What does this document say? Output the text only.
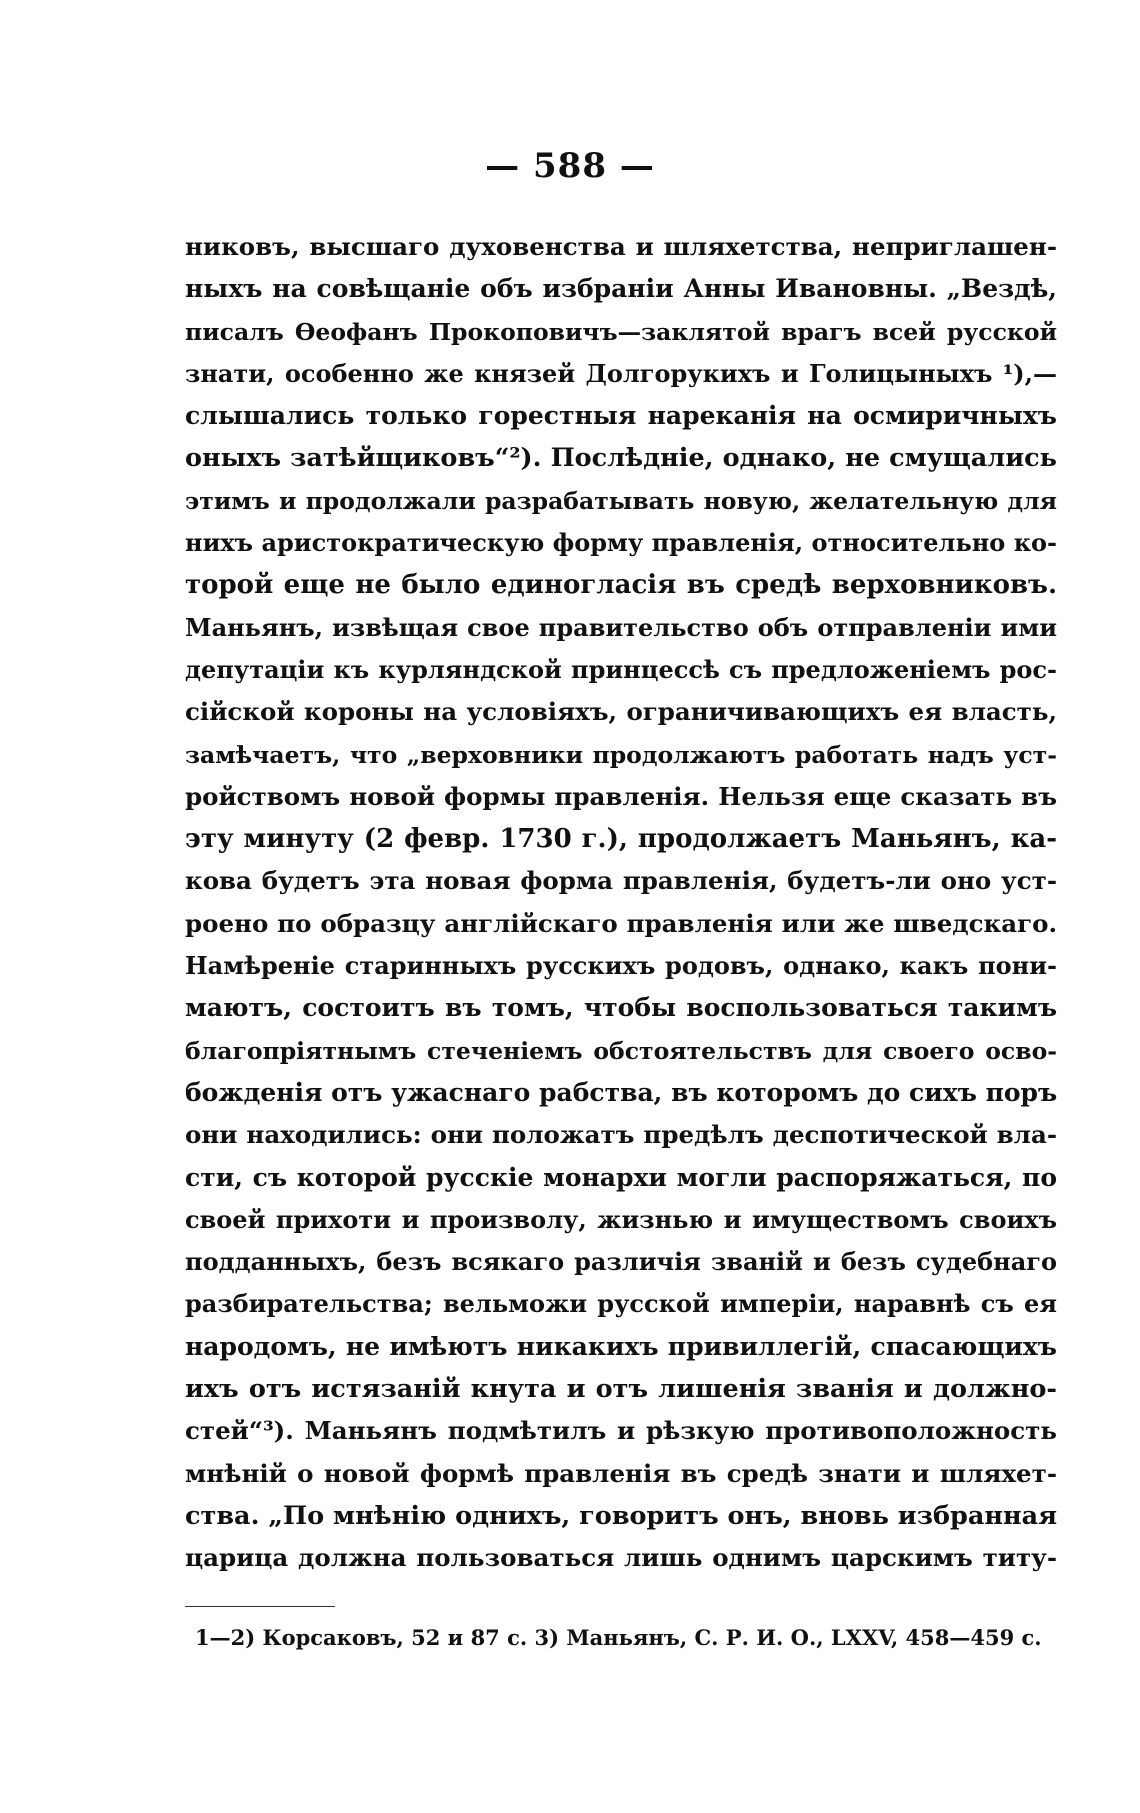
— 588 —
никовъ, высшаго духовенства и шляхетства, неприглашен-
ныхъ на совѣщаніе объ избраніи Анны Ивановны. „Вездѣ,
писалъ Ѳеофанъ Прокоповичъ—заклятой врагъ всей русской
знати, особенно же князей Долгорукихъ и Голицыныхъ ¹),—
слышались только горестныя нареканія на осмиричныхъ
оныхъ затѣйщиковъ“²). Послѣдніе, однако, не смущались
этимъ и продолжали разрабатывать новую, желательную для
нихъ аристократическую форму правленія, относительно ко-
торой еще не было единогласія въ средѣ верховниковъ.
Маньянъ, извѣщая свое правительство объ отправленіи ими
депутаціи къ курляндской принцессѣ съ предложеніемъ рос-
сійской короны на условіяхъ, ограничивающихъ ея власть,
замѣчаетъ, что „верховники продолжаютъ работать надъ уст-
ройствомъ новой формы правленія. Нельзя еще сказать въ
эту минуту (2 февр. 1730 г.), продолжаетъ Маньянъ, ка-
кова будетъ эта новая форма правленія, будетъ-ли оно уст-
роено по образцу англійскаго правленія или же шведскаго.
Намѣреніе старинныхъ русскихъ родовъ, однако, какъ пони-
маютъ, состоитъ въ томъ, чтобы воспользоваться такимъ
благопріятнымъ стеченіемъ обстоятельствъ для своего осво-
божденія отъ ужаснаго рабства, въ которомъ до сихъ поръ
они находились: они положатъ предѣлъ деспотической вла-
сти, съ которой русскіе монархи могли распоряжаться, по
своей прихоти и произволу, жизнью и имуществомъ своихъ
подданныхъ, безъ всякаго различія званій и безъ судебнаго
разбирательства; вельможи русской имперіи, наравнѣ съ ея
народомъ, не имѣютъ никакихъ привиллегій, спасающихъ
ихъ отъ истязаній кнута и отъ лишенія званія и должно-
стей“³). Маньянъ подмѣтилъ и рѣзкую противоположность
мнѣній о новой формѣ правленія въ средѣ знати и шляхет-
ства. „По мнѣнію однихъ, говоритъ онъ, вновь избранная
царица должна пользоваться лишь однимъ царскимъ титу-
1—2) Корсаковъ, 52 и 87 с. 3) Маньянъ, С. Р. И. О., LXXV, 458—459 с.
